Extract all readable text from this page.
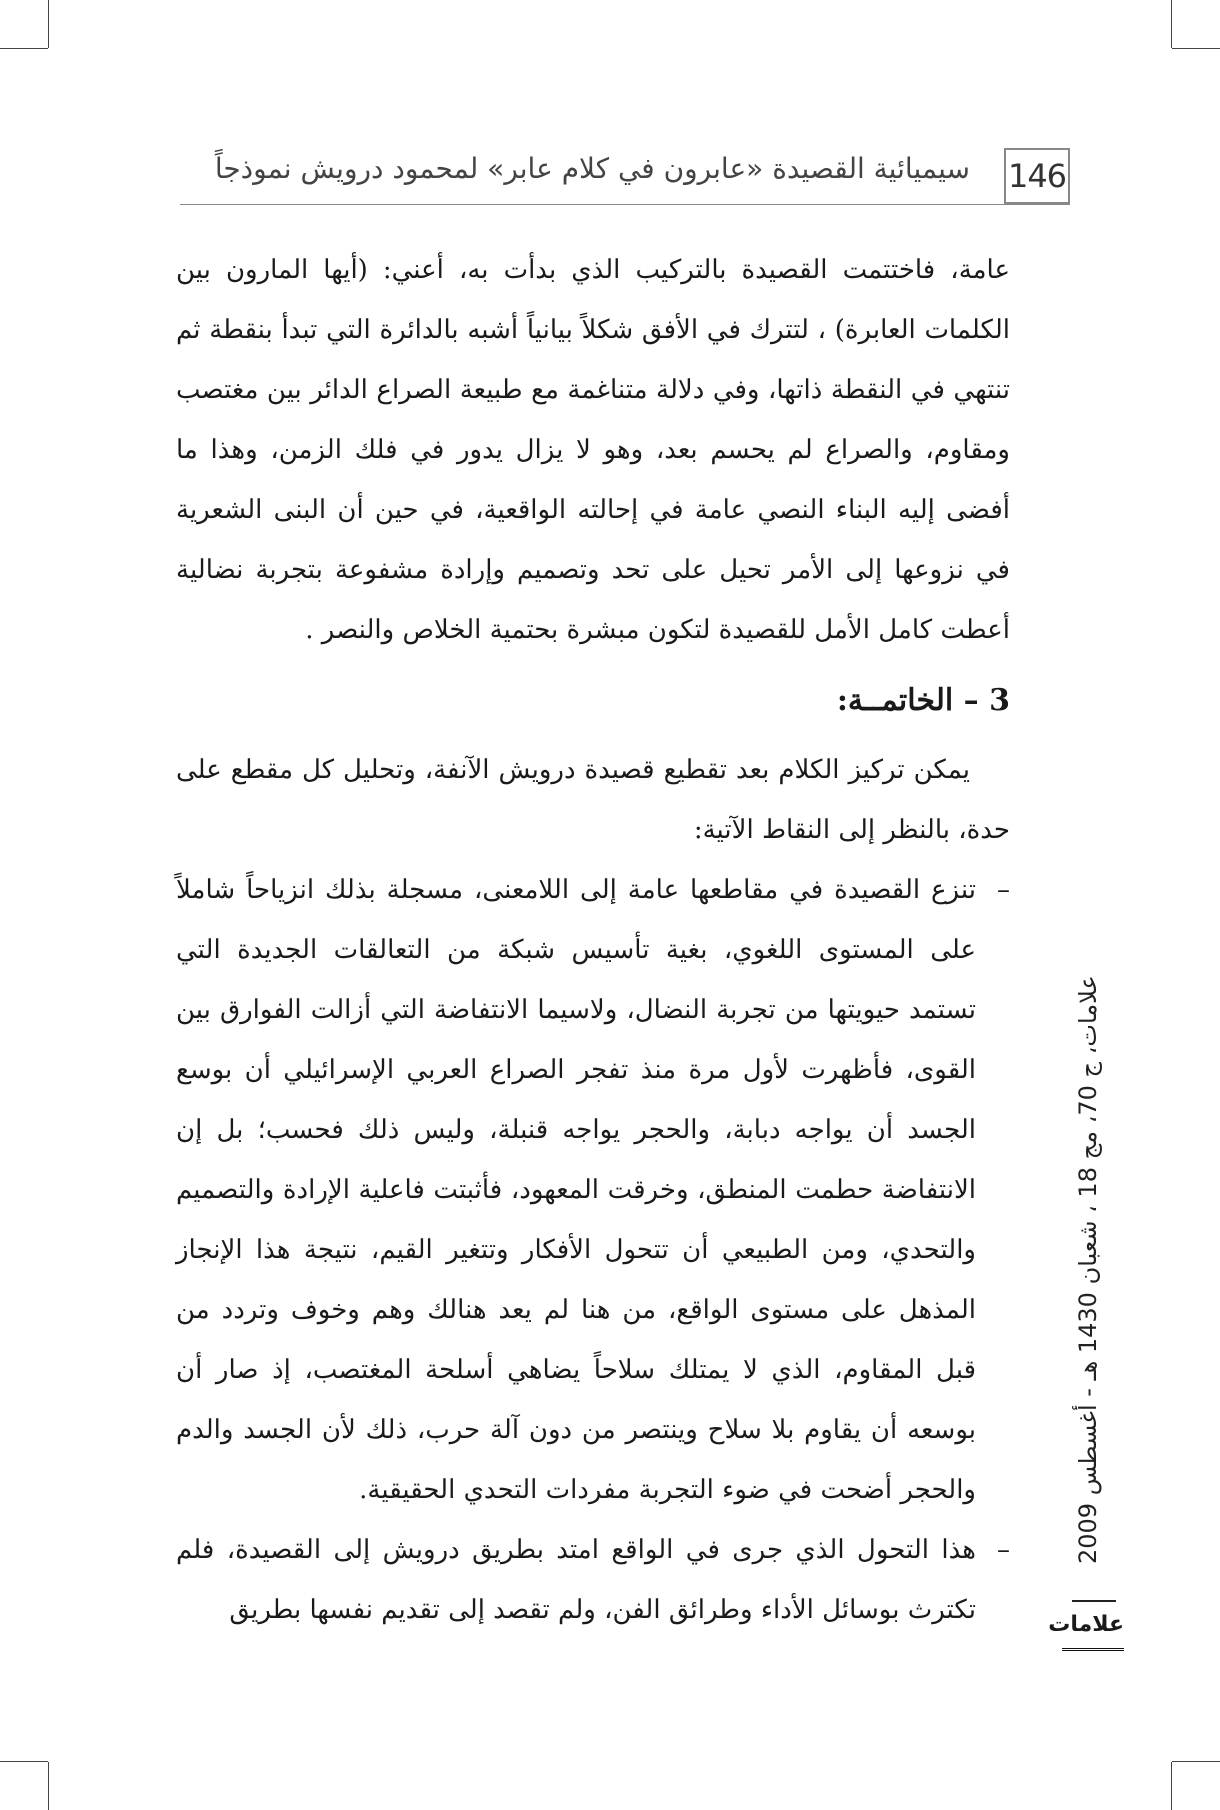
146
سيميائية القصيدة «عابرون في كلام عابر» لمحمود درويش نموذجاً

عامة، فاختتمت القصيدة بالتركيب الذي بدأت به، أعني: (أيها المارون بين الكلمات العابرة) ، لتترك في الأفق شكلاً بيانياً أشبه بالدائرة التي تبدأ بنقطة ثم تنتهي في النقطة ذاتها، وفي دلالة متناغمة مع طبيعة الصراع الدائر بين مغتصب ومقاوم، والصراع لم يحسم بعد، وهو لا يزال يدور في فلك الزمن، وهذا ما أفضى إليه البناء النصي عامة في إحالته الواقعية، في حين أن البنى الشعرية في نزوعها إلى الأمر تحيل على تحد وتصميم وإرادة مشفوعة بتجربة نضالية أعطت كامل الأمل للقصيدة لتكون مبشرة بحتمية الخلاص والنصر .

3 – الخاتمــة:

يمكن تركيز الكلام بعد تقطيع قصيدة درويش الآنفة، وتحليل كل مقطع على حدة، بالنظر إلى النقاط الآتية:

–
تنزع القصيدة في مقاطعها عامة إلى اللامعنى، مسجلة بذلك انزياحاً شاملاً على المستوى اللغوي، بغية تأسيس شبكة من التعالقات الجديدة التي تستمد حيويتها من تجربة النضال، ولاسيما الانتفاضة التي أزالت الفوارق بين القوى، فأظهرت لأول مرة منذ تفجر الصراع العربي الإسرائيلي أن بوسع الجسد أن يواجه دبابة، والحجر يواجه قنبلة، وليس ذلك فحسب؛ بل إن الانتفاضة حطمت المنطق، وخرقت المعهود، فأثبتت فاعلية الإرادة والتصميم والتحدي، ومن الطبيعي أن تتحول الأفكار وتتغير القيم، نتيجة هذا الإنجاز المذهل على مستوى الواقع، من هنا لم يعد هنالك وهم وخوف وتردد من قبل المقاوم، الذي لا يمتلك سلاحاً يضاهي أسلحة المغتصب، إذ صار أن بوسعه أن يقاوم بلا سلاح وينتصر من دون آلة حرب، ذلك لأن الجسد والدم والحجر أضحت في ضوء التجربة مفردات التحدي الحقيقية.
–
هذا التحول الذي جرى في الواقع امتد بطريق درويش إلى القصيدة، فلم تكترث بوسائل الأداء وطرائق الفن، ولم تقصد إلى تقديم نفسها بطريق
علامات، ج 70، مج 18 ، شعبان 1430 هـ - أغسطس 2009
علامات
